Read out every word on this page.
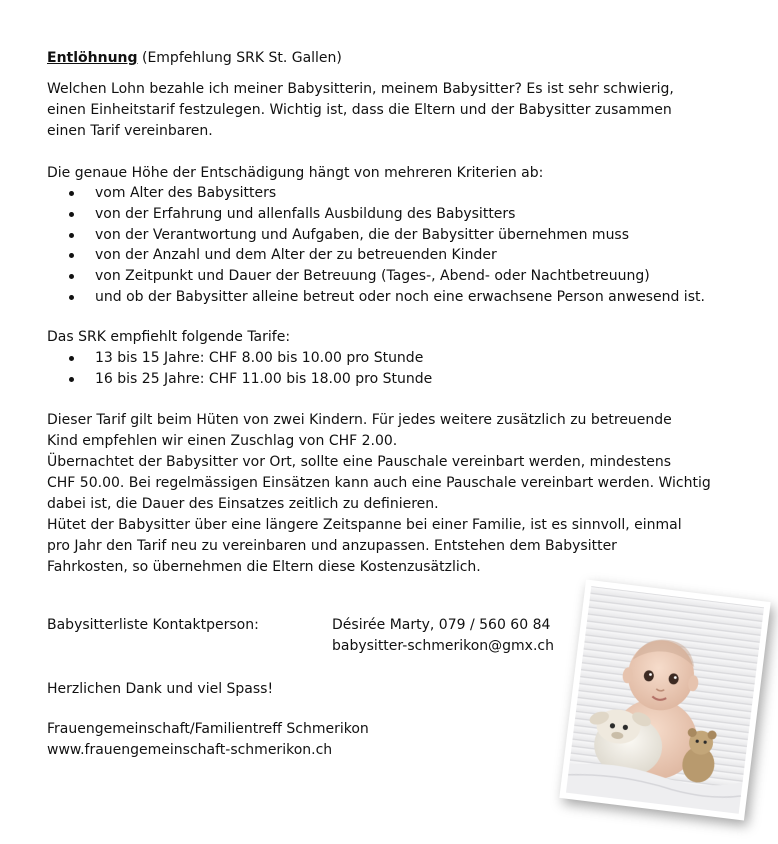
Entlöhnung (Empfehlung SRK St. Gallen)

Welchen Lohn bezahle ich meiner Babysitterin, meinem Babysitter? Es ist sehr schwierig,
einen Einheitstarif festzulegen. Wichtig ist, dass die Eltern und der Babysitter zusammen
einen Tarif vereinbaren.

Die genaue Höhe der Entschädigung hängt von mehreren Kriterien ab:

vom Alter des Babysitters
von der Erfahrung und allenfalls Ausbildung des Babysitters
von der Verantwortung und Aufgaben, die der Babysitter übernehmen muss
von der Anzahl und dem Alter der zu betreuenden Kinder
von Zeitpunkt und Dauer der Betreuung (Tages-, Abend- oder Nachtbetreuung)
und ob der Babysitter alleine betreut oder noch eine erwachsene Person anwesend ist.

Das SRK empfiehlt folgende Tarife:

13 bis 15 Jahre: CHF 8.00 bis 10.00 pro Stunde
16 bis 25 Jahre: CHF 11.00 bis 18.00 pro Stunde
Dieser Tarif gilt beim Hüten von zwei Kindern. Für jedes weitere zusätzlich zu betreuende
Kind empfehlen wir einen Zuschlag von CHF 2.00.
Übernachtet der Babysitter vor Ort, sollte eine Pauschale vereinbart werden, mindestens
CHF 50.00. Bei regelmässigen Einsätzen kann auch eine Pauschale vereinbart werden. Wichtig
dabei ist, die Dauer des Einsatzes zeitlich zu definieren.
Hütet der Babysitter über eine längere Zeitspanne bei einer Familie, ist es sinnvoll, einmal
pro Jahr den Tarif neu zu vereinbaren und anzupassen. Entstehen dem Babysitter
Fahrkosten, so übernehmen die Eltern diese Kostenzusätzlich.
Babysitterliste Kontaktperson:	Désirée Marty, 079 / 560 60 84
babysitter-schmerikon@gmx.ch

Herzlichen Dank und viel Spass!

Frauengemeinschaft/Familientreff Schmerikon
www.frauengemeinschaft-schmerikon.ch
